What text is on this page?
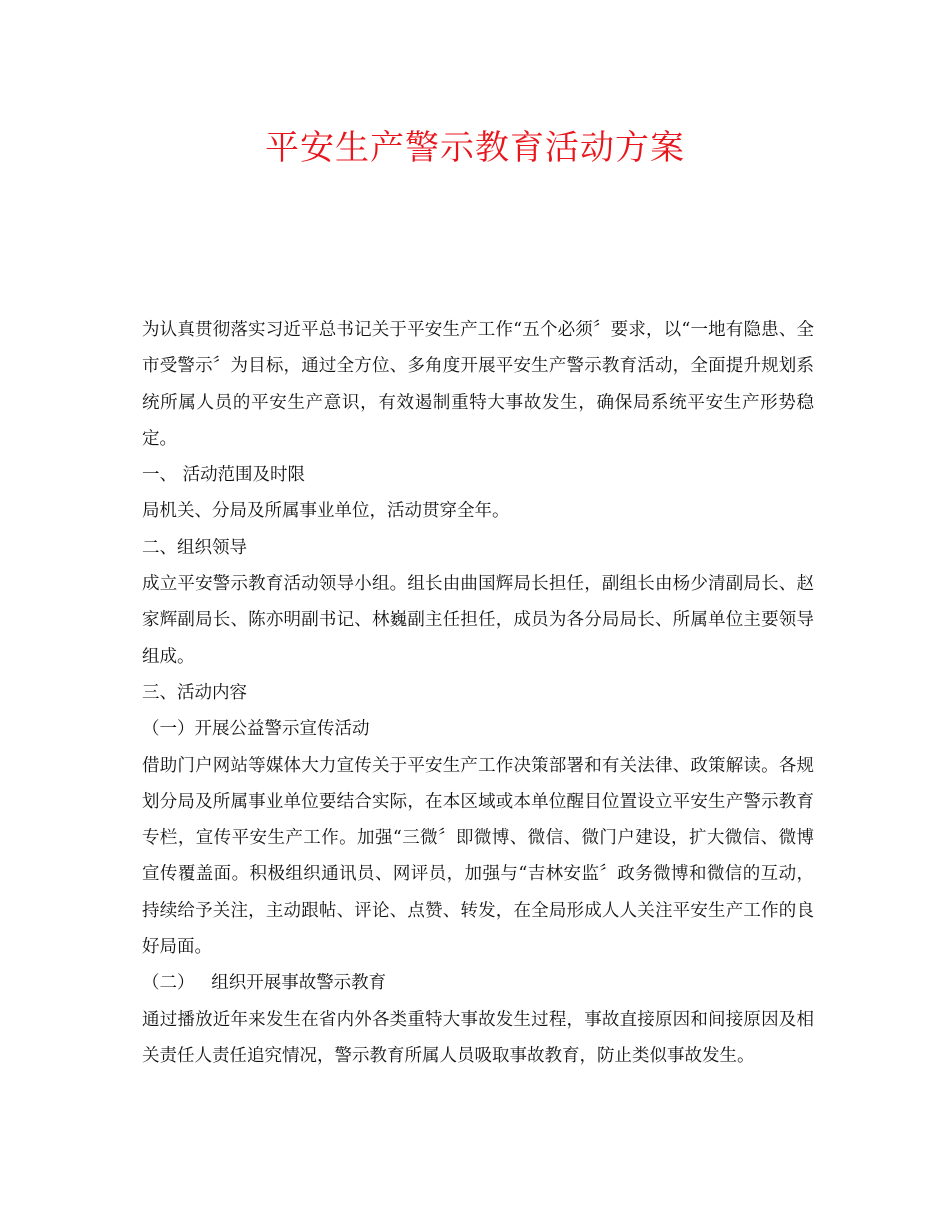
平安生产警示教育活动方案

为认真贯彻落实习近平总书记关于平安生产工作“五个必须〞要求，以“一地有隐患、全市受警示〞为目标，通过全方位、多角度开展平安生产警示教育活动，全面提升规划系统所属人员的平安生产意识，有效遏制重特大事故发生，确保局系统平安生产形势稳定。

一、 活动范围及时限

局机关、分局及所属事业单位，活动贯穿全年。

二、组织领导

成立平安警示教育活动领导小组。组长由曲国辉局长担任，副组长由杨少清副局长、赵家辉副局长、陈亦明副书记、林巍副主任担任，成员为各分局局长、所属单位主要领导组成。

三、活动内容

（一）开展公益警示宣传活动

借助门户网站等媒体大力宣传关于平安生产工作决策部署和有关法律、政策解读。各规划分局及所属事业单位要结合实际，在本区域或本单位醒目位置设立平安生产警示教育专栏，宣传平安生产工作。加强“三微〞即微博、微信、微门户建设，扩大微信、微博宣传覆盖面。积极组织通讯员、网评员，加强与“吉林安监〞政务微博和微信的互动，持续给予关注，主动跟帖、评论、点赞、转发，在全局形成人人关注平安生产工作的良好局面。

（二）   组织开展事故警示教育

通过播放近年来发生在省内外各类重特大事故发生过程，事故直接原因和间接原因及相关责任人责任追究情况，警示教育所属人员吸取事故教育，防止类似事故发生。
